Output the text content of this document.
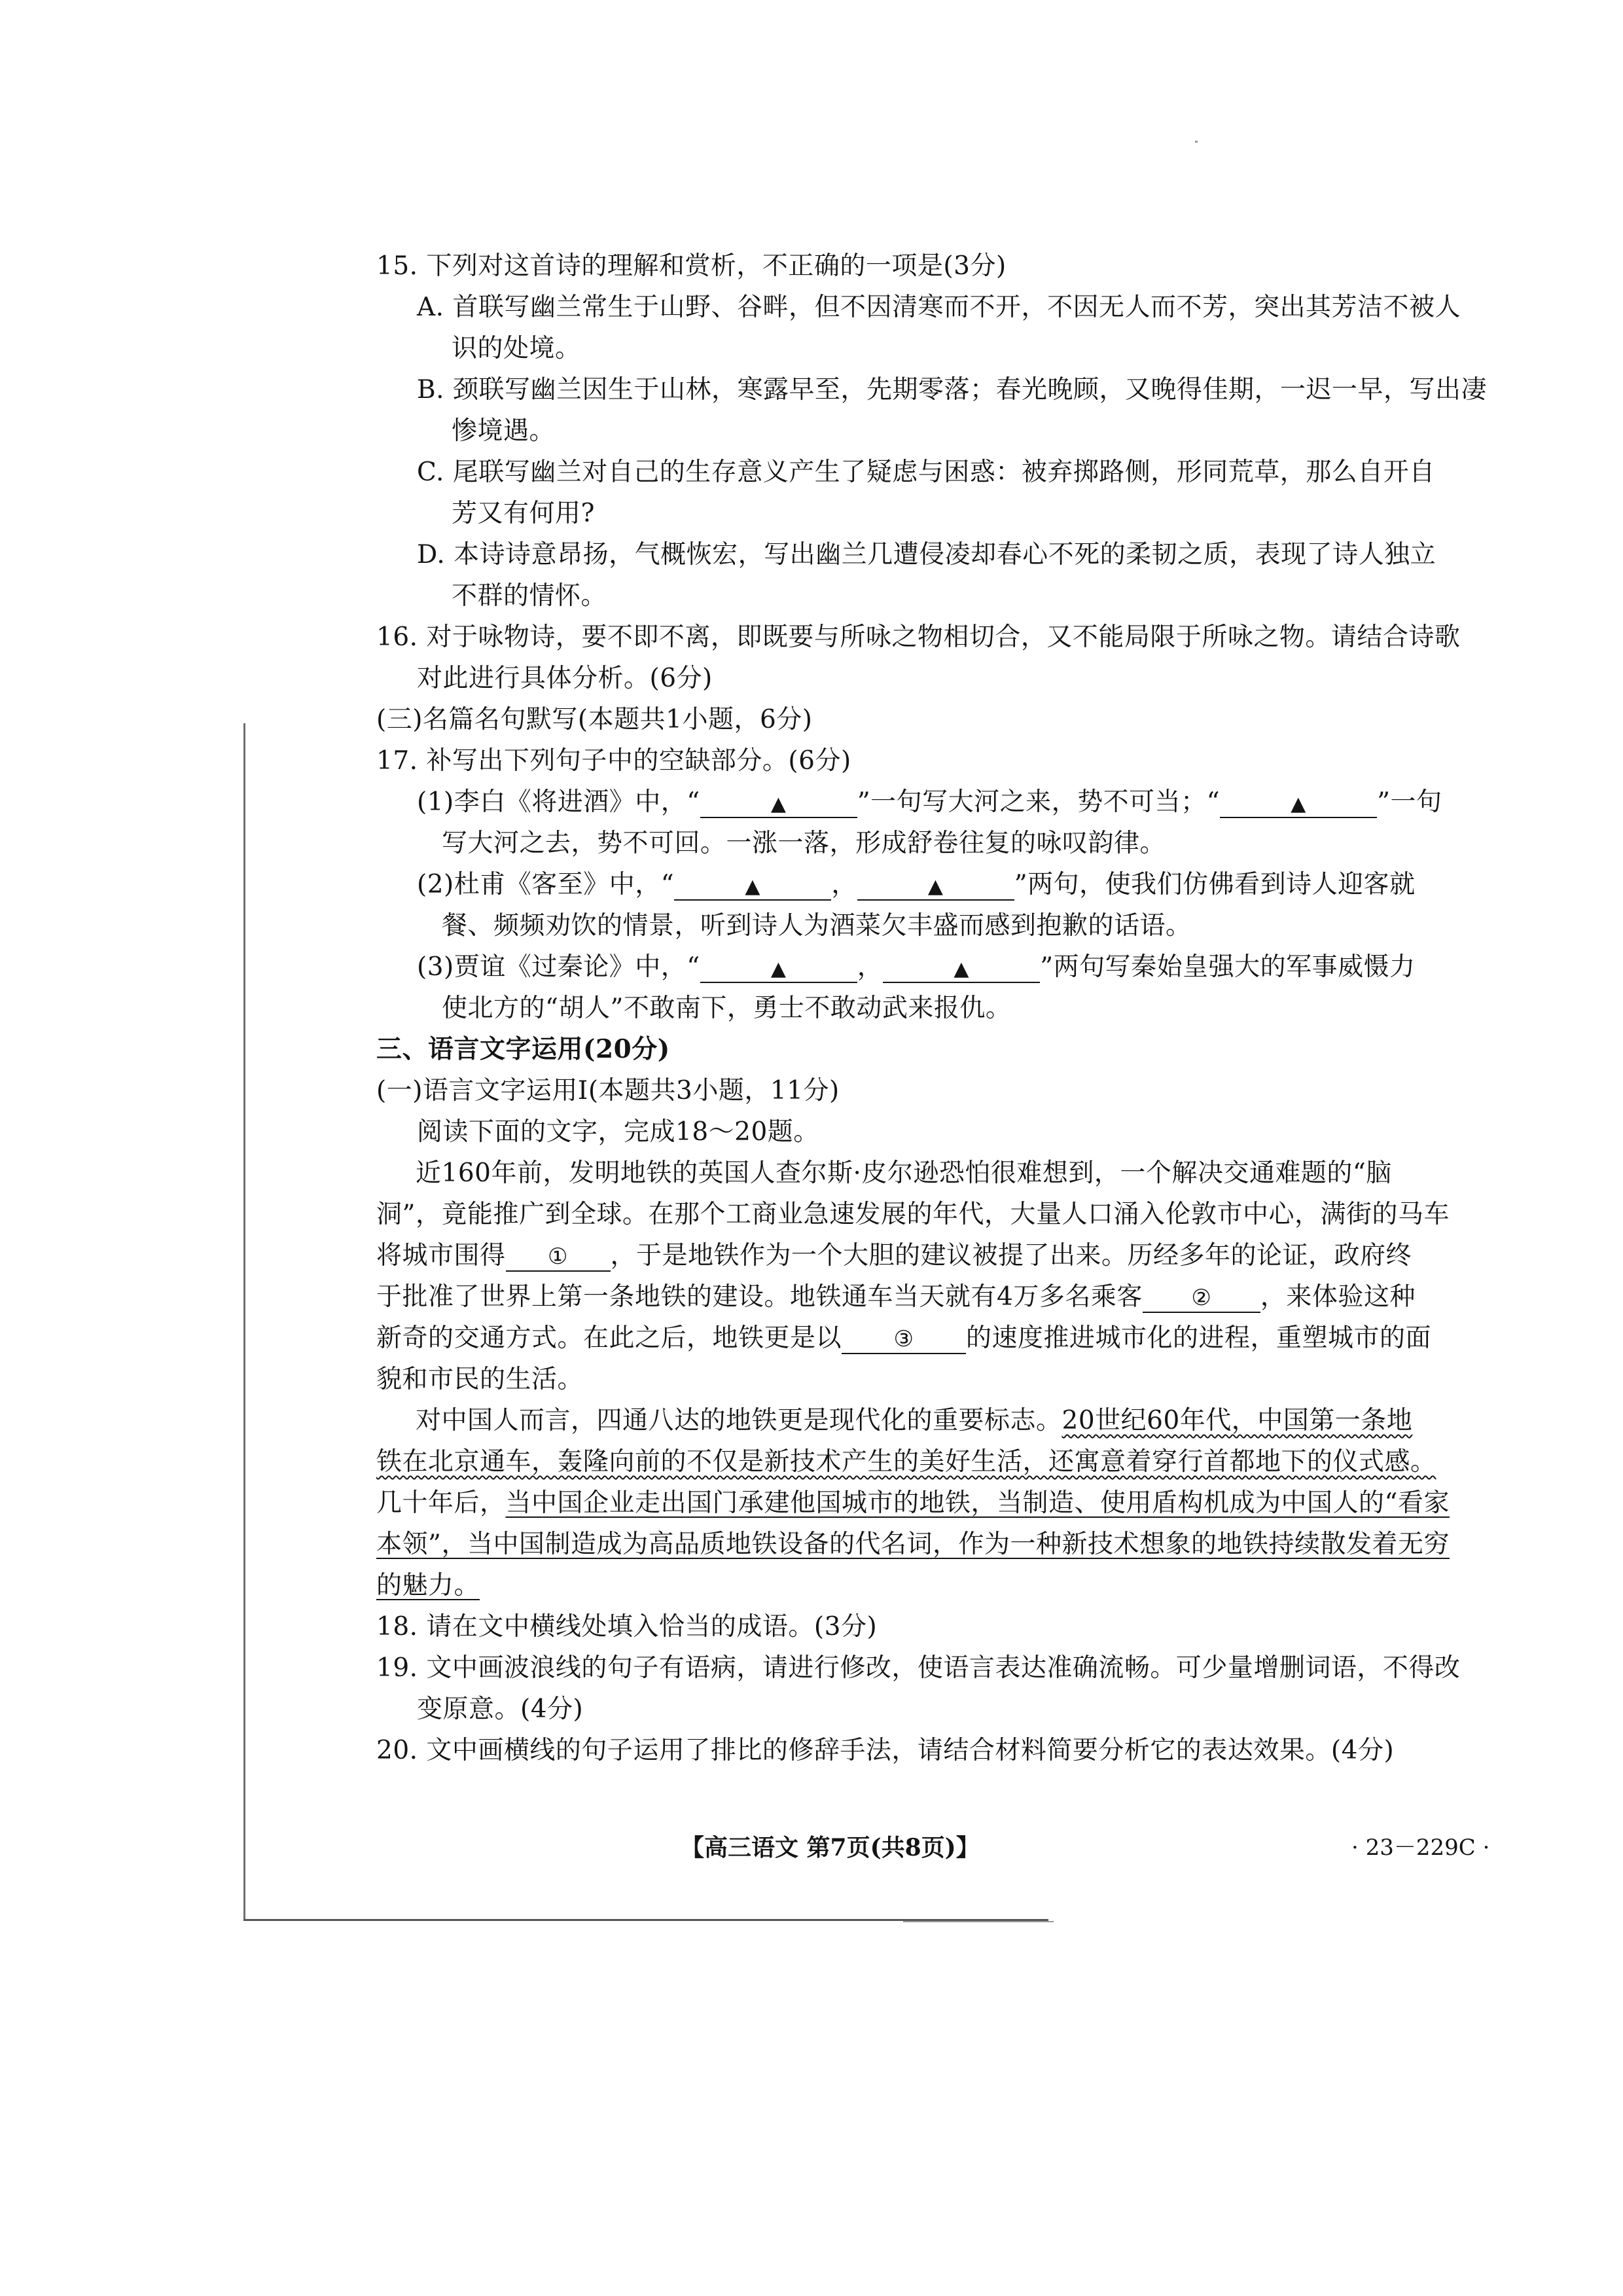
15. 下列对这首诗的理解和赏析，不正确的一项是(3分)
A. 首联写幽兰常生于山野、谷畔，但不因清寒而不开，不因无人而不芳，突出其芳洁不被人
识的处境。
B. 颈联写幽兰因生于山林，寒露早至，先期零落；春光晚顾，又晚得佳期，一迟一早，写出凄
惨境遇。
C. 尾联写幽兰对自己的生存意义产生了疑虑与困惑：被弃掷路侧，形同荒草，那么自开自
芳又有何用?
D. 本诗诗意昂扬，气概恢宏，写出幽兰几遭侵凌却春心不死的柔韧之质，表现了诗人独立
不群的情怀。
16. 对于咏物诗，要不即不离，即既要与所咏之物相切合，又不能局限于所咏之物。请结合诗歌
对此进行具体分析。(6分)
(三)名篇名句默写(本题共1小题，6分)
17. 补写出下列句子中的空缺部分。(6分)
(1)李白《将进酒》中，“	▲	”一句写大河之来，势不可当；“	▲	”一句
写大河之去，势不可回。一涨一落，形成舒卷往复的咏叹韵律。
(2)杜甫《客至》中，“	▲	，	▲	”两句，使我们仿佛看到诗人迎客就
餐、频频劝饮的情景，听到诗人为酒菜欠丰盛而感到抱歉的话语。
(3)贾谊《过秦论》中，“	▲	，	▲	”两句写秦始皇强大的军事威慑力
使北方的“胡人”不敢南下，勇士不敢动武来报仇。
三、语言文字运用(20分)
(一)语言文字运用Ⅰ(本题共3小题，11分)
阅读下面的文字，完成18～20题。
近160年前，发明地铁的英国人查尔斯·皮尔逊恐怕很难想到，一个解决交通难题的“脑
洞”，竟能推广到全球。在那个工商业急速发展的年代，大量人口涌入伦敦市中心，满街的马车
将城市围得 ① ，于是地铁作为一个大胆的建议被提了出来。历经多年的论证，政府终
于批准了世界上第一条地铁的建设。地铁通车当天就有4万多名乘客 ② ，来体验这种
新奇的交通方式。在此之后，地铁更是以 ③ 的速度推进城市化的进程，重塑城市的面
貌和市民的生活。
对中国人而言，四通八达的地铁更是现代化的重要标志。20世纪60年代，中国第一条地
铁在北京通车，轰隆向前的不仅是新技术产生的美好生活，还寓意着穿行首都地下的仪式感。
几十年后，当中国企业走出国门承建他国城市的地铁，当制造、使用盾构机成为中国人的“看家
本领”，当中国制造成为高品质地铁设备的代名词，作为一种新技术想象的地铁持续散发着无穷
的魅力。
18. 请在文中横线处填入恰当的成语。(3分)
19. 文中画波浪线的句子有语病，请进行修改，使语言表达准确流畅。可少量增删词语，不得改
变原意。(4分)
20. 文中画横线的句子运用了排比的修辞手法，请结合材料简要分析它的表达效果。(4分)
【高三语文 第7页(共8页)】	· 23－229C ·
